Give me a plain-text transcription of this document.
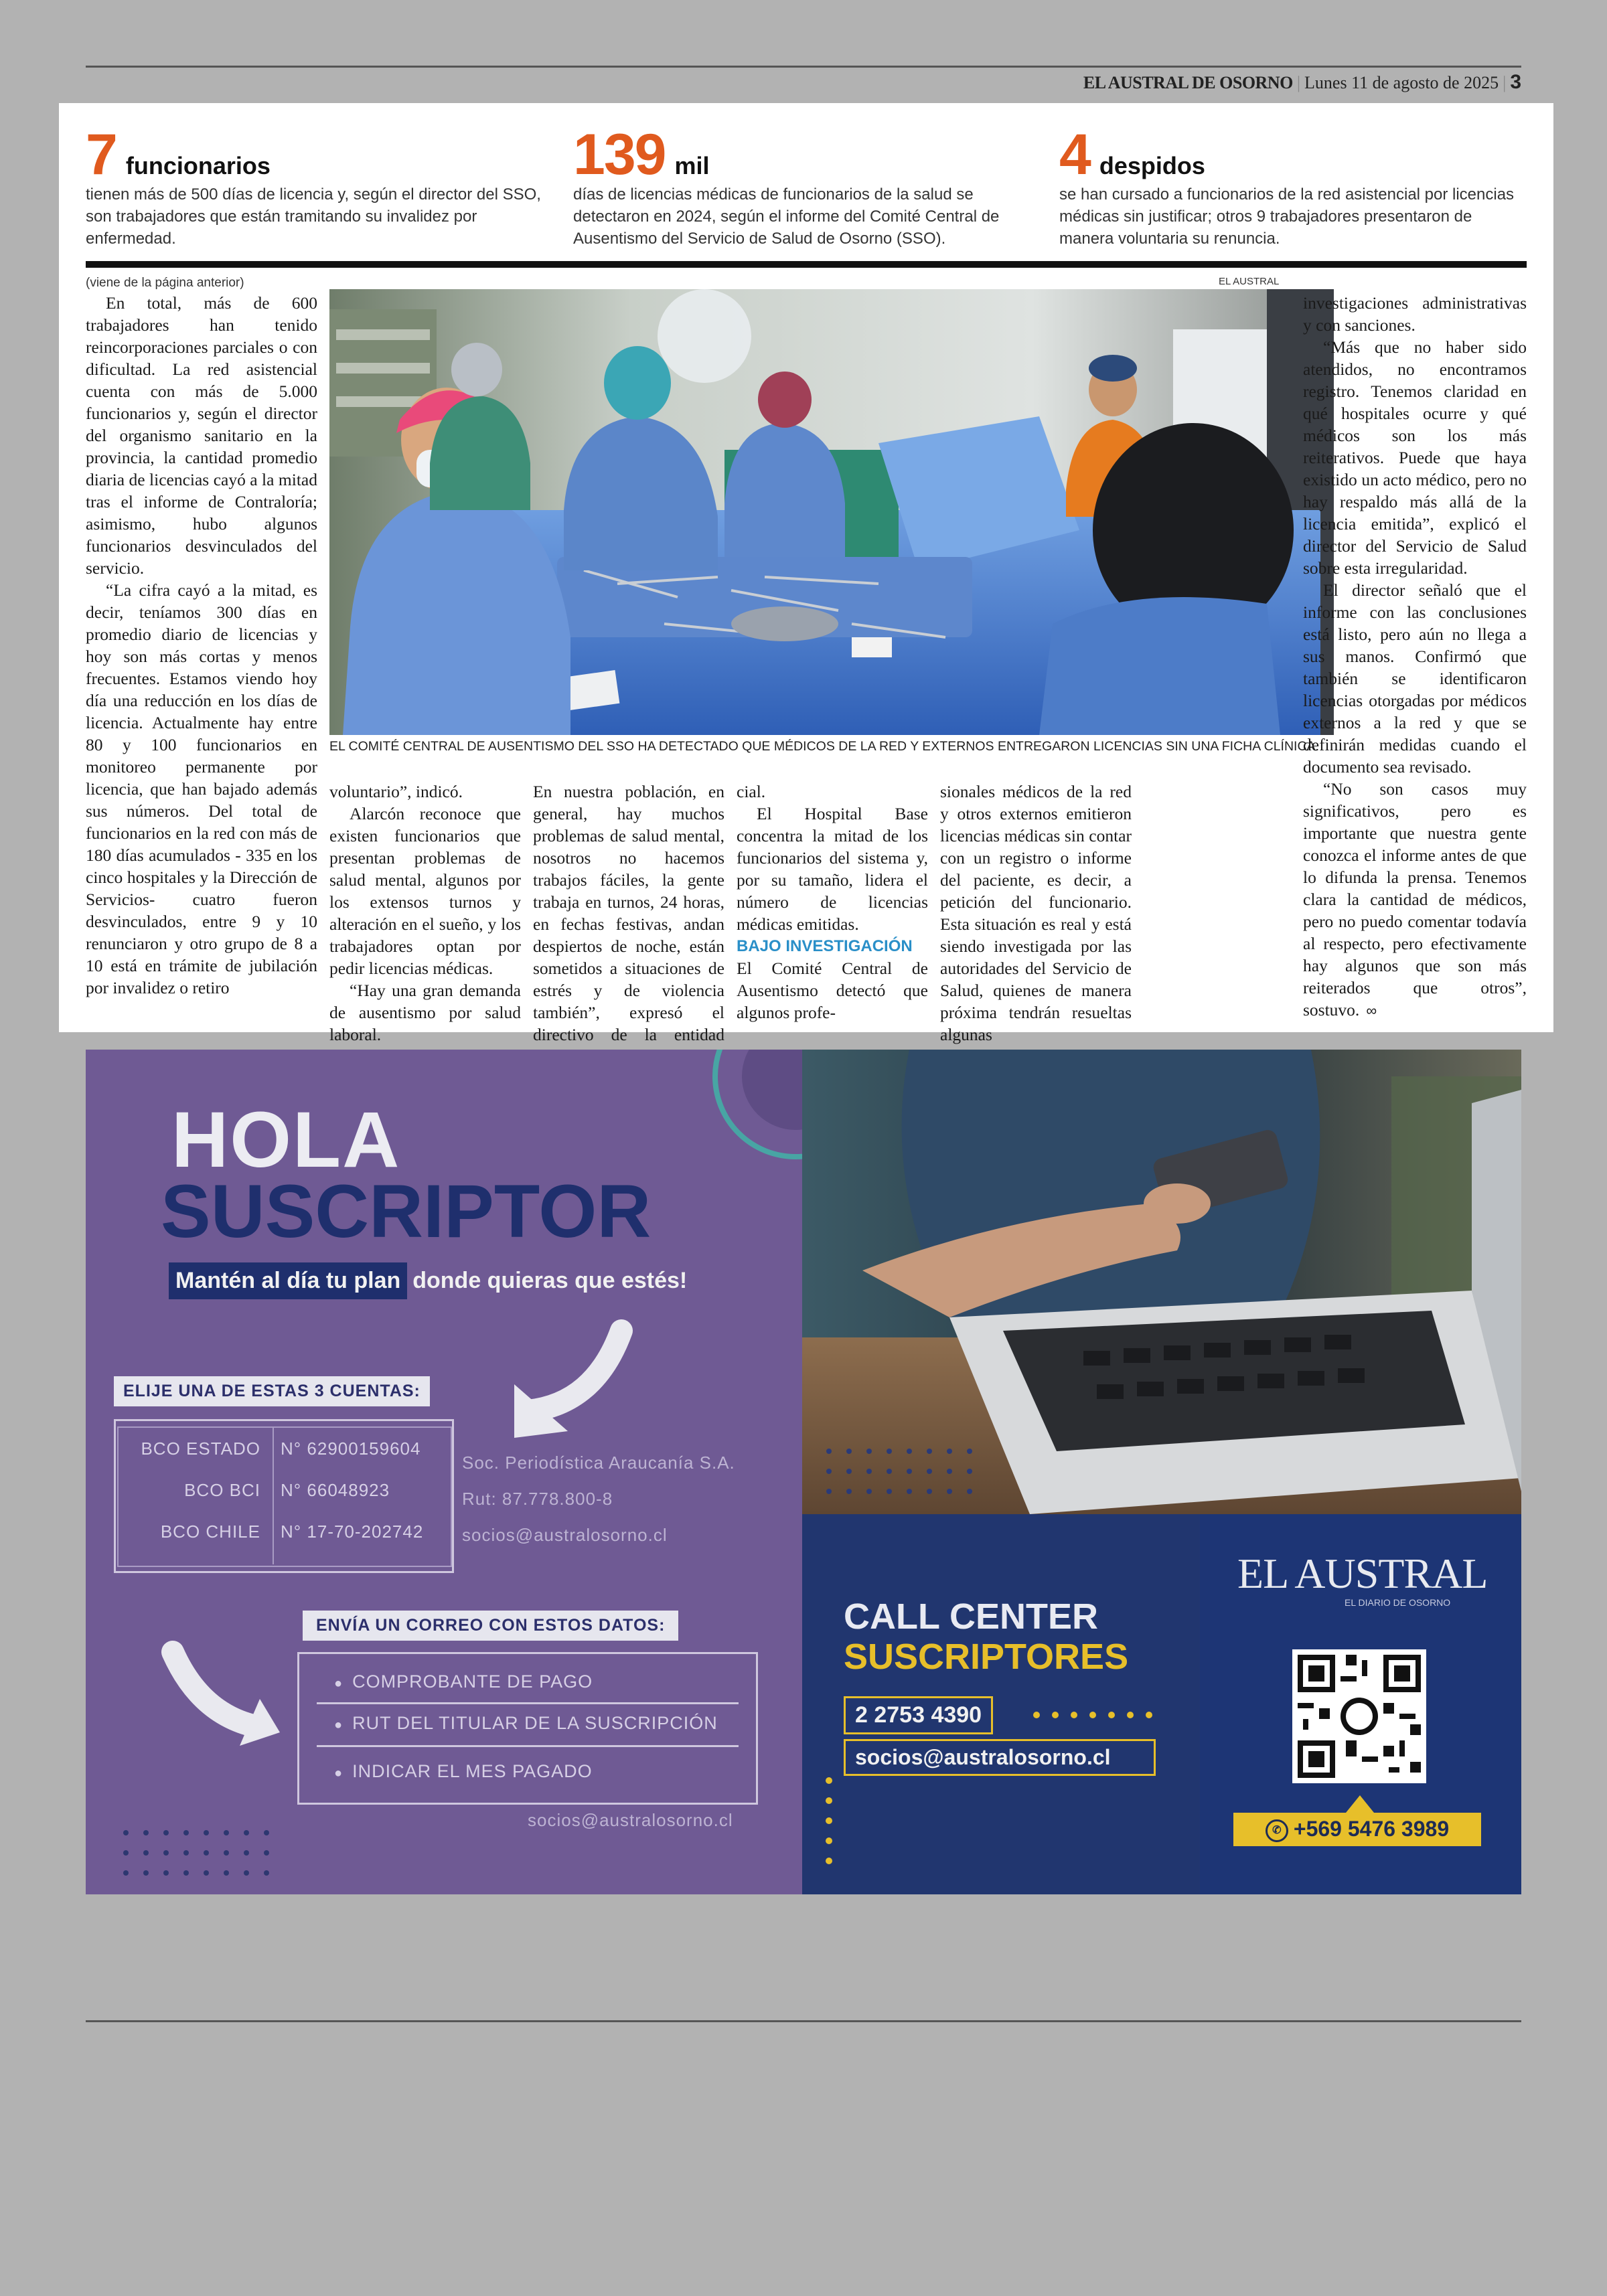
EL AUSTRAL DE OSORNO | Lunes 11 de agosto de 2025 | 3
7 funcionarios
tienen más de 500 días de licencia y, según el director del SSO, son trabajadores que están tramitando su invalidez por enfermedad.
139 mil
días de licencias médicas de funcionarios de la salud se detectaron en 2024, según el informe del Comité Central de Ausentismo del Servicio de Salud de Osorno (SSO).
4 despidos
se han cursado a funcionarios de la red asistencial por licencias médicas sin justificar; otros 9 trabajadores presentaron de manera voluntaria su renuncia.
(viene de la página anterior)	EL AUSTRAL

En total, más de 600 trabajadores han tenido reincorporaciones parciales o con dificultad. La red asistencial cuenta con más de 5.000 funcionarios y, según el director del organismo sanitario en la provincia, la cantidad promedio diaria de licencias cayó a la mitad tras el informe de Contraloría; asimismo, hubo algunos funcionarios desvinculados del servicio.

“La cifra cayó a la mitad, es decir, teníamos 300 días en promedio diario de licencias y hoy son más cortas y menos frecuentes. Estamos viendo hoy día una reducción en los días de licencia. Actualmente hay entre 80 y 100 funcionarios en monitoreo permanente por licencia, que han bajado además sus números. Del total de funcionarios en la red con más de 180 días acumulados - 335 en los cinco hospitales y la Dirección de Servicios- cuatro fueron desvinculados, entre 9 y 10 renunciaron y otro grupo de 8 a 10 está en trámite de jubilación por invalidez o retiro

EL COMITÉ CENTRAL DE AUSENTISMO DEL SSO HA DETECTADO QUE MÉDICOS DE LA RED Y EXTERNOS ENTREGARON LICENCIAS SIN UNA FICHA CLÍNICA.

voluntario”, indicó.

Alarcón reconoce que existen funcionarios que presentan problemas de salud mental, algunos por los extensos turnos y alteración en el sueño, y los trabajadores optan por pedir licencias médicas.

“Hay una gran demanda de ausentismo por salud laboral.

En nuestra población, en general, hay muchos problemas de salud mental, nosotros no hacemos trabajos fáciles, la gente trabaja en turnos, 24 horas, en fechas festivas, andan despiertos de noche, están sometidos a situaciones de estrés y de violencia también”, expresó el directivo de la entidad

cial.

El Hospital Base concentra la mitad de los funcionarios del sistema y, por su tamaño, lidera el número de licencias médicas emitidas.

BAJO INVESTIGACIÓN

El Comité Central de Ausentismo detectó que algunos profe-

sionales médicos de la red y otros externos emitieron licencias médicas sin contar con un registro o informe del paciente, es decir, a petición del funcionario. Esta situación es real y está siendo investigada por las autoridades del Servicio de Salud, quienes de manera próxima tendrán resueltas algunas

investigaciones administrativas y con sanciones.

“Más que no haber sido atendidos, no encontramos registro. Tenemos claridad en qué hospitales ocurre y qué médicos son los más reiterativos. Puede que haya existido un acto médico, pero no hay respaldo más allá de la licencia emitida”, explicó el director del Servicio de Salud sobre esta irregularidad.

El director señaló que el informe con las conclusiones está listo, pero aún no llega a sus manos. Confirmó que también se identificaron licencias otorgadas por médicos externos a la red y que se definirán medidas cuando el documento sea revisado.

“No son casos muy significativos, pero es importante que nuestra gente conozca el informe antes de que lo difunda la prensa. Tenemos clara la cantidad de médicos, pero no puedo comentar todavía al respecto, pero efectivamente hay algunos que son más reiterados que otros”, sostuvo. ∞

HOLA
SUSCRIPTOR
Mantén al día tu plan donde quieras que estés!
ELIJE UNA DE ESTAS 3 CUENTAS:
BCO ESTADO N° 62900159604
BCO BCI N° 66048923
BCO CHILE N° 17-70-202742
Soc. Periodística Araucanía S.A.
Rut: 87.778.800-8
socios@australosorno.cl
ENVÍA UN CORREO CON ESTOS DATOS:
● COMPROBANTE DE PAGO
● RUT DEL TITULAR DE LA SUSCRIPCIÓN
● INDICAR EL MES PAGADO
socios@australosorno.cl
CALL CENTER
SUSCRIPTORES
2 2753 4390
socios@australosorno.cl
EL AUSTRAL
EL DIARIO DE OSORNO
✆ +569 5476 3989
